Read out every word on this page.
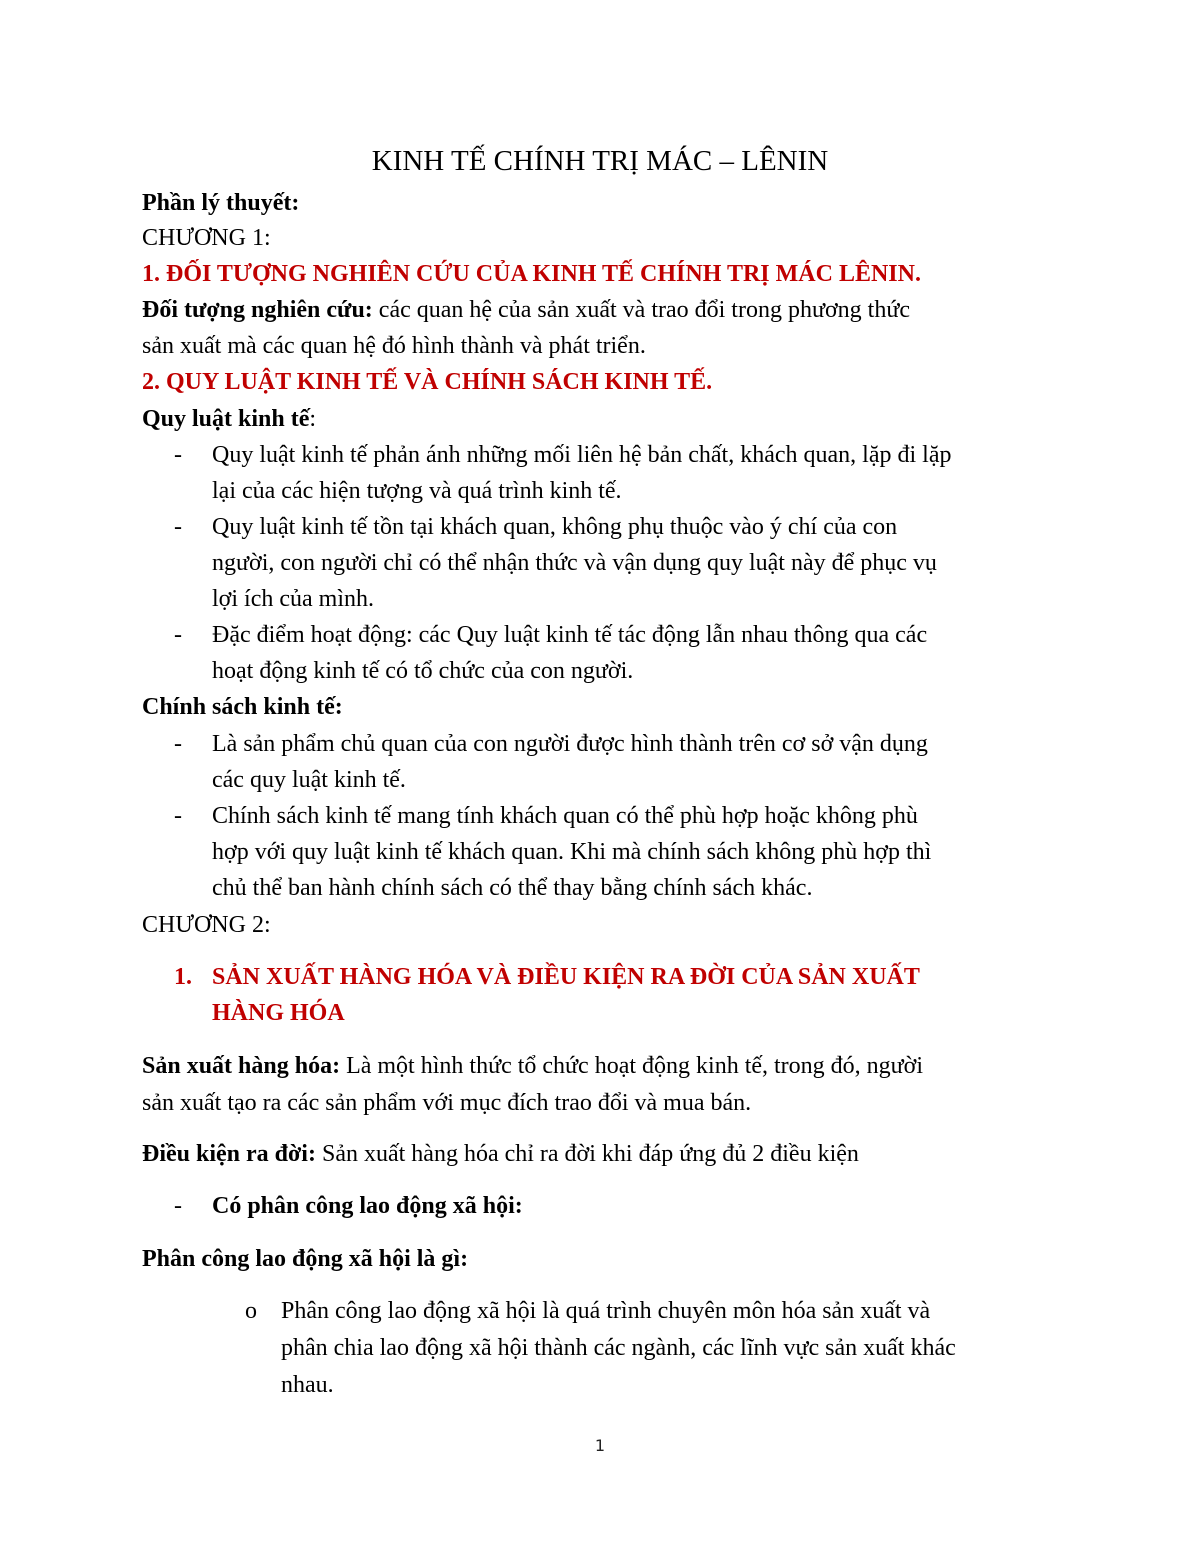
KINH TẾ CHÍNH TRỊ MÁC – LÊNIN
Phần lý thuyết:
CHƯƠNG 1:
1. ĐỐI TƯỢNG NGHIÊN CỨU CỦA KINH TẾ CHÍNH TRỊ MÁC LÊNIN.
Đối tượng nghiên cứu: các quan hệ của sản xuất và trao đổi trong phương thức
sản xuất mà các quan hệ đó hình thành và phát triển.
2. QUY LUẬT KINH TẾ VÀ CHÍNH SÁCH KINH TẾ.
Quy luật kinh tế:
- Quy luật kinh tế phản ánh những mối liên hệ bản chất, khách quan, lặp đi lặp
lại của các hiện tượng và quá trình kinh tế.
- Quy luật kinh tế tồn tại khách quan, không phụ thuộc vào ý chí của con
người, con người chỉ có thể nhận thức và vận dụng quy luật này để phục vụ
lợi ích của mình.
- Đặc điểm hoạt động: các Quy luật kinh tế tác động lẫn nhau thông qua các
hoạt động kinh tế có tổ chức của con người.
Chính sách kinh tế:
- Là sản phẩm chủ quan của con người được hình thành trên cơ sở vận dụng
các quy luật kinh tế.
- Chính sách kinh tế mang tính khách quan có thể phù hợp hoặc không phù
hợp với quy luật kinh tế khách quan. Khi mà chính sách không phù hợp thì
chủ thể ban hành chính sách có thể thay bằng chính sách khác.
CHƯƠNG 2:
1. SẢN XUẤT HÀNG HÓA VÀ ĐIỀU KIỆN RA ĐỜI CỦA SẢN XUẤT
HÀNG HÓA
Sản xuất hàng hóa: Là một hình thức tổ chức hoạt động kinh tế, trong đó, người
sản xuất tạo ra các sản phẩm với mục đích trao đổi và mua bán.
Điều kiện ra đời: Sản xuất hàng hóa chỉ ra đời khi đáp ứng đủ 2 điều kiện
- Có phân công lao động xã hội:
Phân công lao động xã hội là gì:
o Phân công lao động xã hội là quá trình chuyên môn hóa sản xuất và
phân chia lao động xã hội thành các ngành, các lĩnh vực sản xuất khác
nhau.
1
